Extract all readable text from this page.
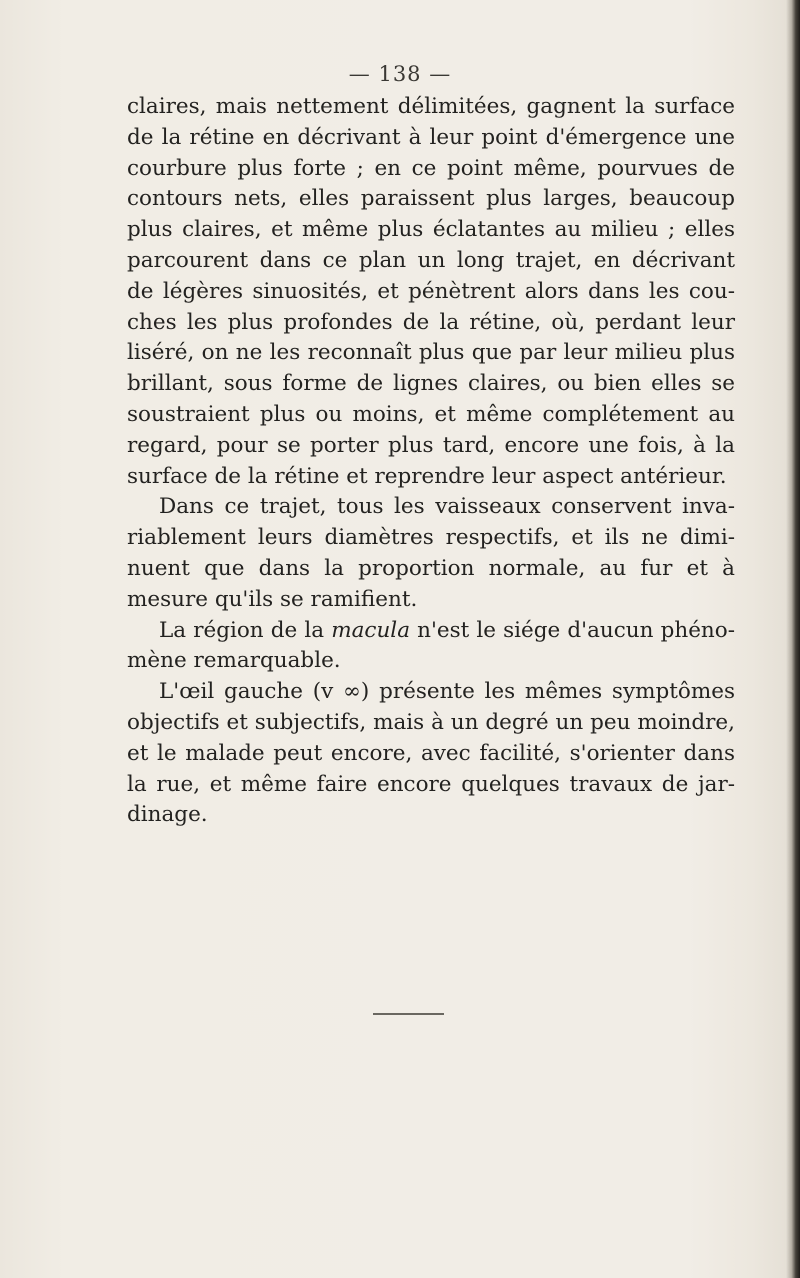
— 138 —
claires, mais nettement délimitées, gagnent la surface
de la rétine en décrivant à leur point d'émergence une
courbure plus forte ; en ce point même, pourvues de
contours nets, elles paraissent plus larges, beaucoup
plus claires, et même plus éclatantes au milieu ; elles
parcourent dans ce plan un long trajet, en décrivant
de légères sinuosités, et pénètrent alors dans les cou-
ches les plus profondes de la rétine, où, perdant leur
liséré, on ne les reconnaît plus que par leur milieu plus
brillant, sous forme de lignes claires, ou bien elles se
soustraient plus ou moins, et même complétement au
regard, pour se porter plus tard, encore une fois, à la
surface de la rétine et reprendre leur aspect antérieur.
Dans ce trajet, tous les vaisseaux conservent inva-
riablement leurs diamètres respectifs, et ils ne dimi-
nuent que dans la proportion normale, au fur et à
mesure qu'ils se ramifient.
La région de la macula n'est le siége d'aucun phéno-
mène remarquable.
L'œil gauche (v ∞) présente les mêmes symptômes
objectifs et subjectifs, mais à un degré un peu moindre,
et le malade peut encore, avec facilité, s'orienter dans
la rue, et même faire encore quelques travaux de jar-
dinage.
